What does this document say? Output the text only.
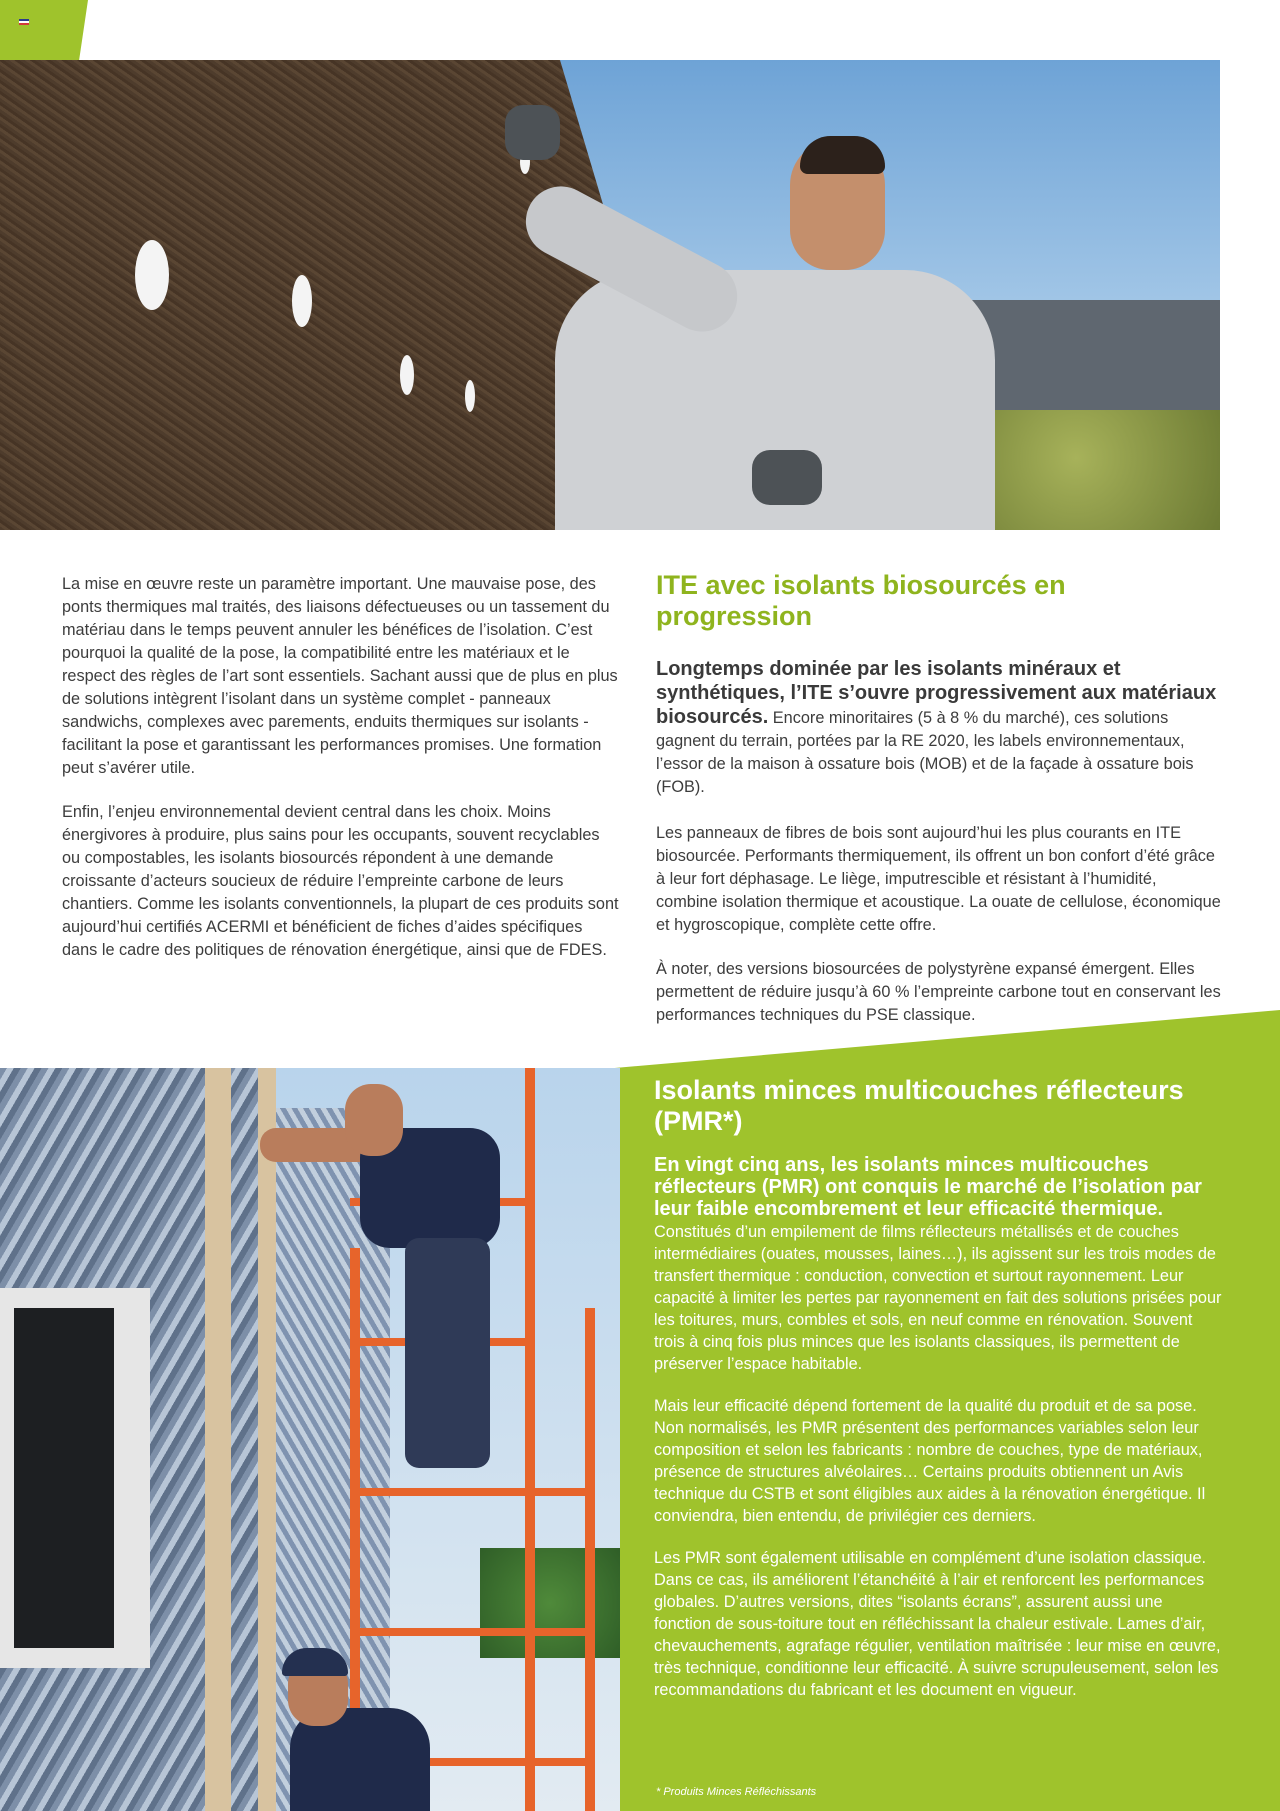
La mise en œuvre reste un paramètre important. Une mauvaise pose, des ponts thermiques mal traités, des liaisons défectueuses ou un tassement du matériau dans le temps peuvent annuler les bénéfices de l’isolation. C’est pourquoi la qualité de la pose, la compatibilité entre les matériaux et le respect des règles de l’art sont essentiels. Sachant aussi que de plus en plus de solutions intègrent l’isolant dans un système complet - panneaux sandwichs, complexes avec parements, enduits thermiques sur isolants - facilitant la pose et garantissant les performances promises. Une formation peut s’avérer utile.

Enfin, l’enjeu environnemental devient central dans les choix. Moins énergivores à produire, plus sains pour les occupants, souvent recyclables ou compostables, les isolants biosourcés répondent à une demande croissante d’acteurs soucieux de réduire l’empreinte carbone de leurs chantiers. Comme les isolants conventionnels, la plupart de ces produits sont aujourd’hui certifiés ACERMI et bénéficient de fiches d’aides spécifiques dans le cadre des politiques de rénovation énergétique, ainsi que de FDES.

ITE avec isolants biosourcés en progression

Longtemps dominée par les isolants minéraux et synthétiques, l’ITE s’ouvre progressivement aux matériaux biosourcés. Encore minoritaires (5 à 8 % du marché), ces solutions gagnent du terrain, portées par la RE 2020, les labels environnementaux, l’essor de la maison à ossature bois (MOB) et de la façade à ossature bois (FOB).

Les panneaux de fibres de bois sont aujourd’hui les plus courants en ITE biosourcée. Performants thermiquement, ils offrent un bon confort d’été grâce à leur fort déphasage. Le liège, imputrescible et résistant à l’humidité, combine isolation thermique et acoustique. La ouate de cellulose, économique et hygroscopique, complète cette offre.

À noter, des versions biosourcées de polystyrène expansé émergent. Elles permettent de réduire jusqu’à 60 % l’empreinte carbone tout en conservant les performances techniques du PSE classique.

Isolants minces multicouches réflecteurs (PMR*)

En vingt cinq ans, les isolants minces multicouches réflecteurs (PMR) ont conquis le marché de l’isolation par leur faible encombrement et leur efficacité thermique. Constitués d’un empilement de films réflecteurs métallisés et de couches intermédiaires (ouates, mousses, laines…), ils agissent sur les trois modes de transfert thermique : conduction, convection et surtout rayonnement. Leur capacité à limiter les pertes par rayonnement en fait des solutions prisées pour les toitures, murs, combles et sols, en neuf comme en rénovation. Souvent trois à cinq fois plus minces que les isolants classiques, ils permettent de préserver l’espace habitable.

Mais leur efficacité dépend fortement de la qualité du produit et de sa pose. Non normalisés, les PMR présentent des performances variables selon leur composition et selon les fabricants : nombre de couches, type de matériaux, présence de structures alvéolaires… Certains produits obtiennent un Avis technique du CSTB et sont éligibles aux aides à la rénovation énergétique. Il conviendra, bien entendu, de privilégier ces derniers.

Les PMR sont également utilisable en complément d’une isolation classique. Dans ce cas, ils améliorent l’étanchéité à l’air et renforcent les performances globales. D’autres versions, dites “isolants écrans”, assurent aussi une fonction de sous-toiture tout en réfléchissant la chaleur estivale. Lames d’air, chevauchements, agrafage régulier, ventilation maîtrisée : leur mise en œuvre, très technique, conditionne leur efficacité. À suivre scrupuleusement, selon les recommandations du fabricant et les document en vigueur.

* Produits Minces Réfléchissants
